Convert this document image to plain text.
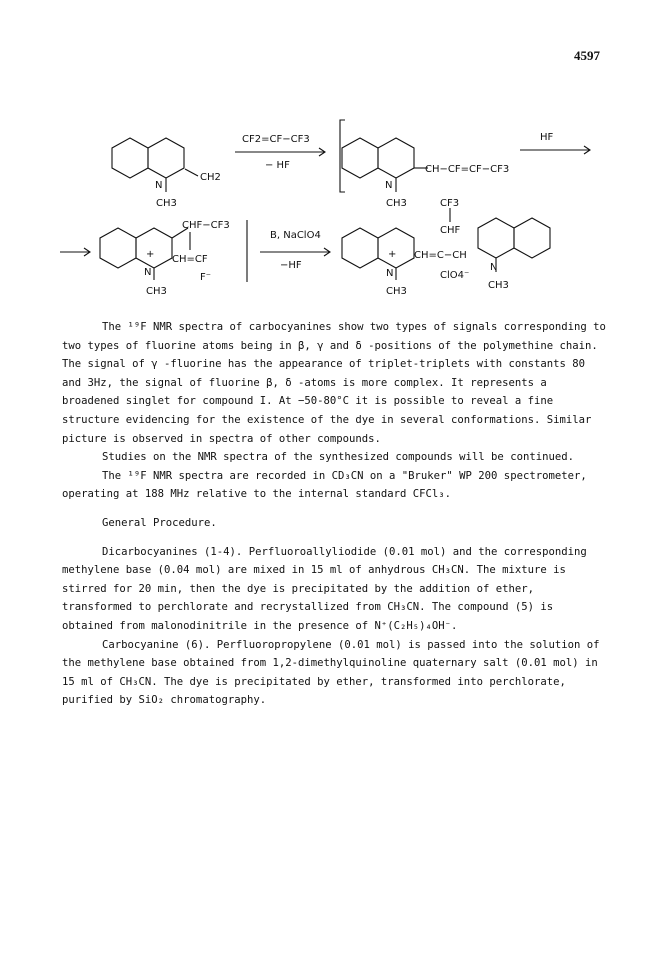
4597
N
CH2
CH3
CF2=CF−CF3
− HF
N
CH−CF=CF−CF3
CH3
HF
N
+
CHF−CF3
CH=CF
F⁻
CH3
B, NaClO4
−HF
N
+
CF3
CHF
CH=C−CH
ClO4⁻
CH3
N
CH3

The ¹⁹F NMR spectra of carbocyanines show two types of signals corresponding to two types of fluorine atoms being in β, γ and δ -positions of the polymethine chain. The signal of γ -fluorine has the appearance of triplet-triplets with constants 80 and 3Hz, the signal of fluorine β, δ -atoms is more complex. It represents a broadened singlet for compound I. At −50-80°C it is possible to reveal a fine structure evidencing for the existence of the dye in several conformations. Similar picture is observed in spectra of other compounds.

Studies on the NMR spectra of the synthesized compounds will be continued.

The ¹⁹F NMR spectra are recorded in CD₃CN on a "Bruker" WP 200 spectrometer, operating at 188 MHz relative to the internal standard CFCl₃.

General Procedure.

Dicarbocyanines (1-4). Perfluoroallyliodide (0.01 mol) and the corresponding methylene base (0.04 mol) are mixed in 15 ml of anhydrous CH₃CN. The mixture is stirred for 20 min, then the dye is precipitated by the addition of ether, transformed to perchlorate and recrystallized from CH₃CN. The compound (5) is obtained from malonodinitrile in the presence of N⁺(C₂H₅)₄OH⁻.

Carbocyanine (6). Perfluoropropylene (0.01 mol) is passed into the solution of the methylene base obtained from 1,2-dimethylquinoline quaternary salt (0.01 mol) in 15 ml of CH₃CN. The dye is precipitated by ether, transformed into perchlorate, purified by SiO₂ chromatography.
